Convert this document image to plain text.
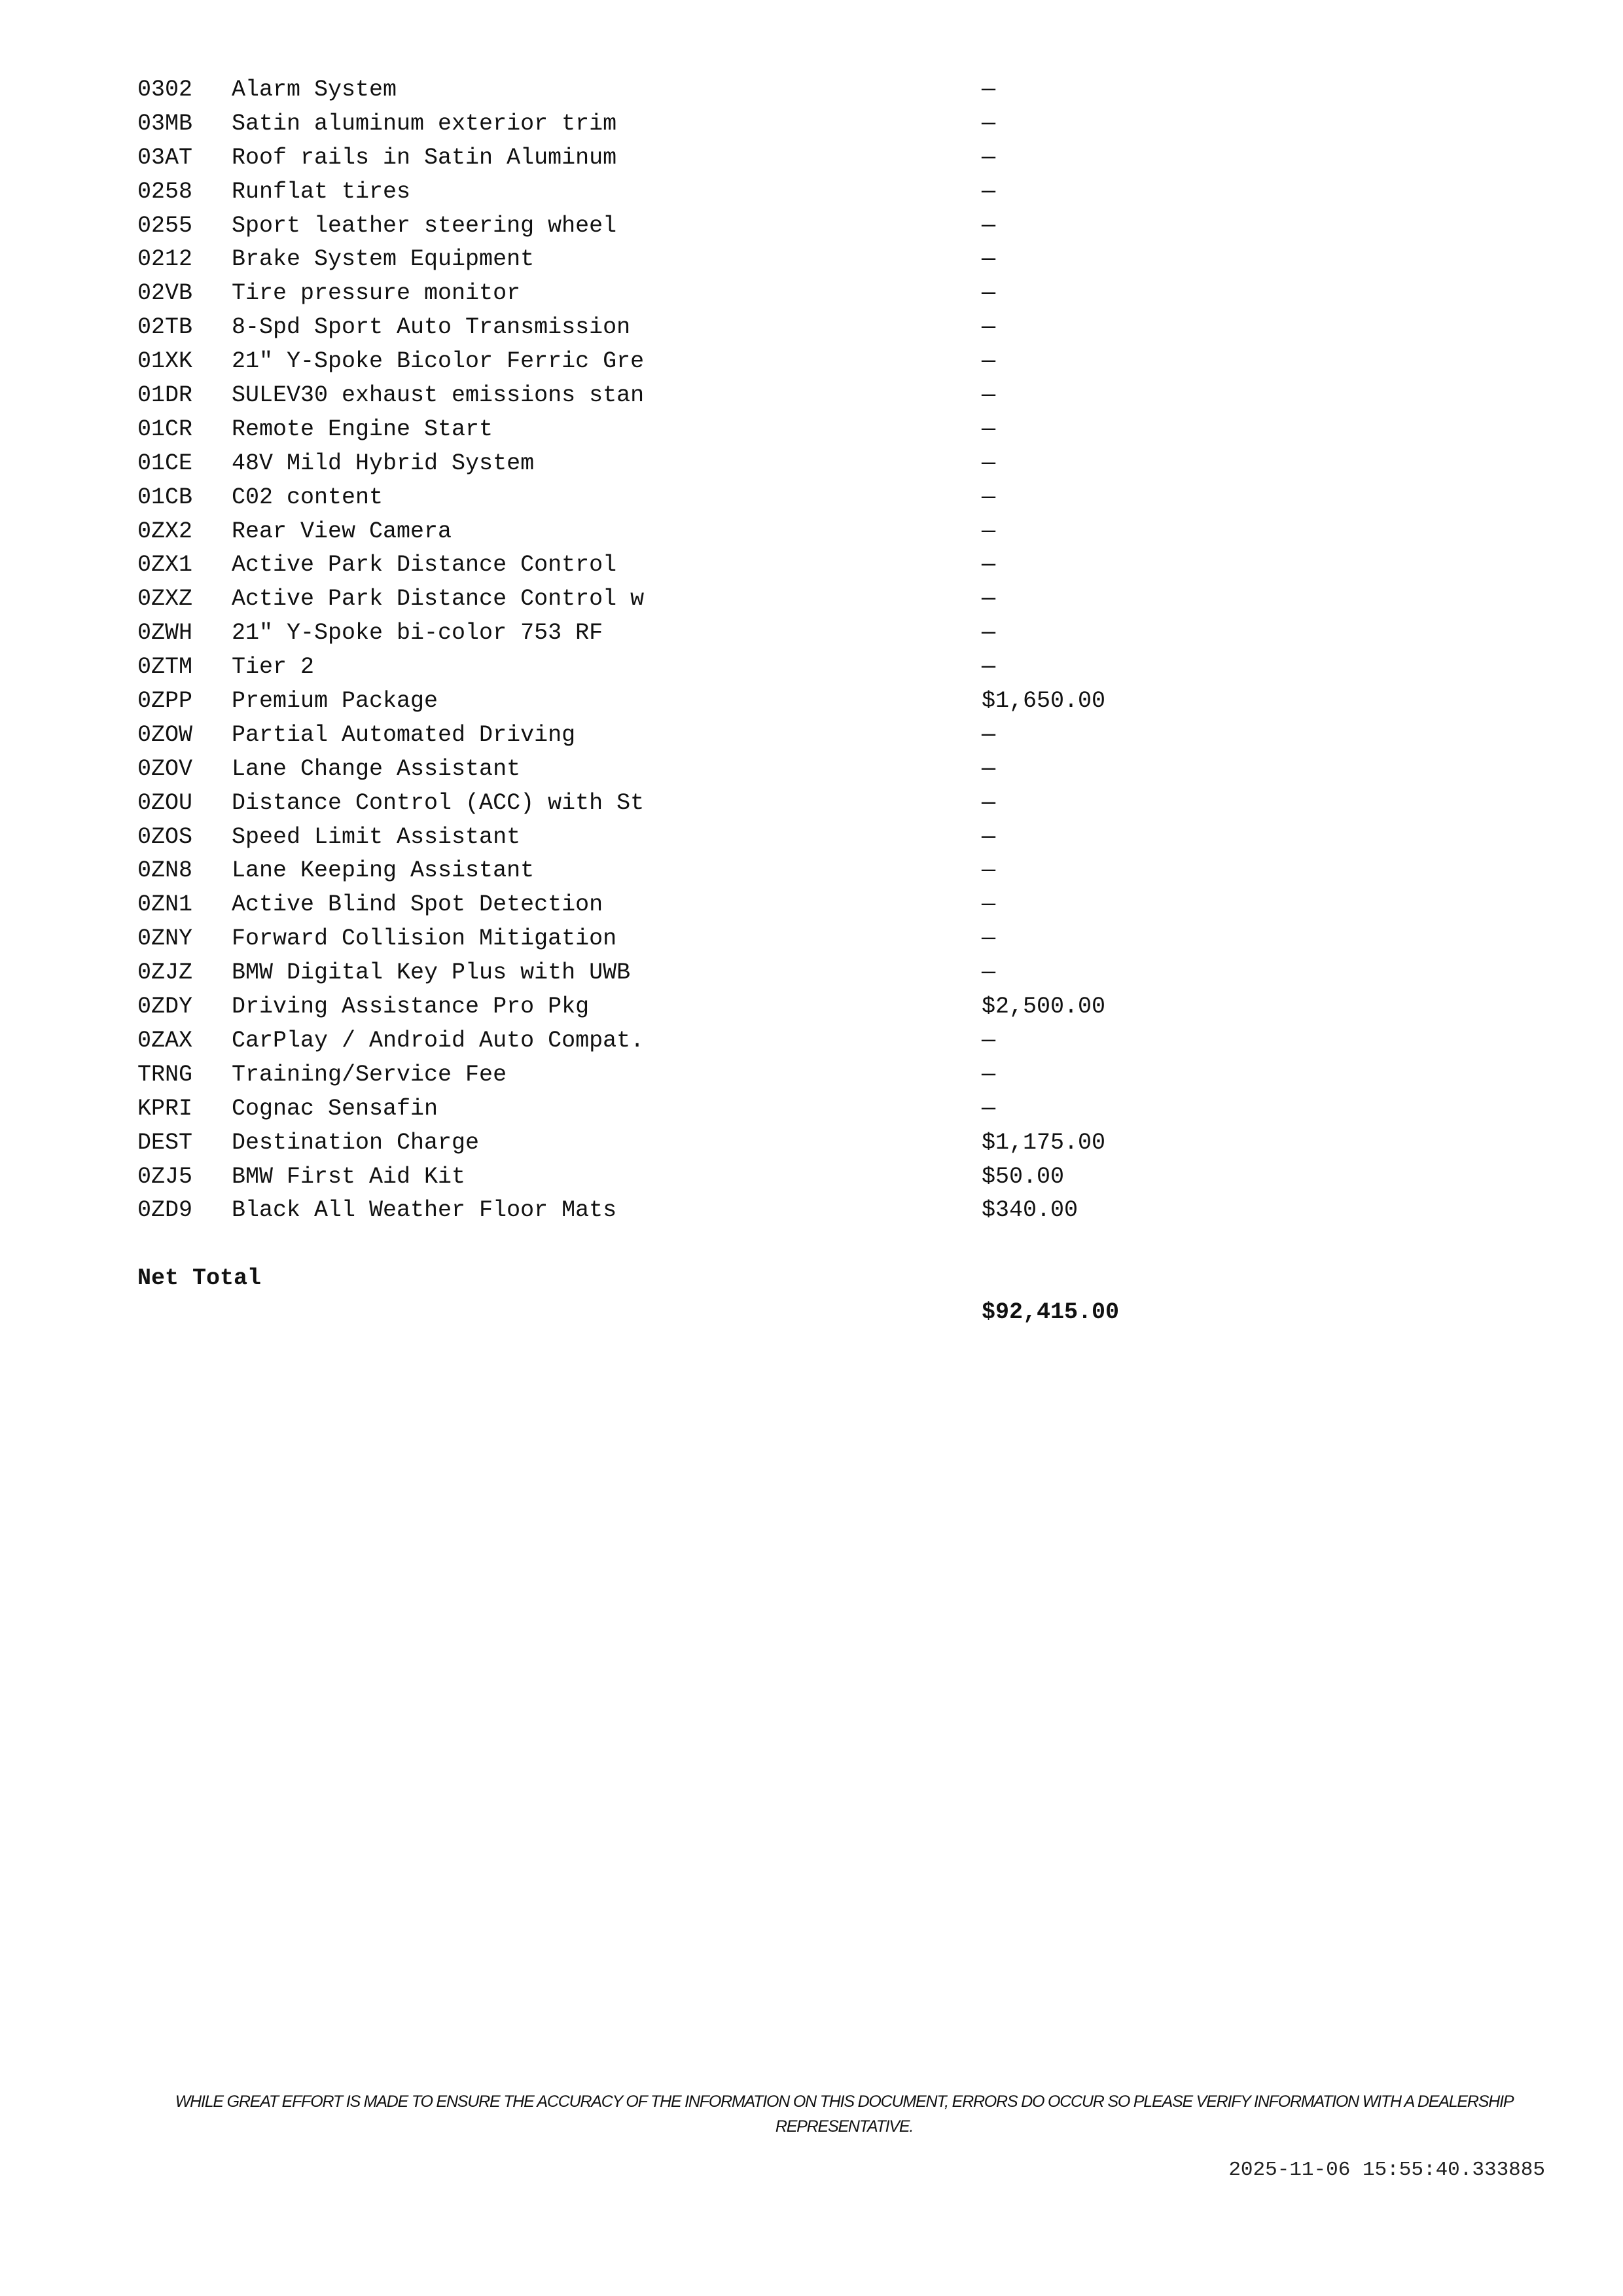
0302 Alarm System	—
03MB Satin aluminum exterior trim	—
03AT Roof rails in Satin Aluminum	—
0258 Runflat tires	—
0255 Sport leather steering wheel	—
0212 Brake System Equipment	—
02VB Tire pressure monitor	—
02TB 8-Spd Sport Auto Transmission	—
01XK 21" Y-Spoke Bicolor Ferric Gre	—
01DR SULEV30 exhaust emissions stan	—
01CR Remote Engine Start	—
01CE 48V Mild Hybrid System	—
01CB C02 content	—
0ZX2 Rear View Camera	—
0ZX1 Active Park Distance Control	—
0ZXZ Active Park Distance Control w	—
0ZWH 21" Y-Spoke bi-color 753 RF	—
0ZTM Tier 2	—
0ZPP Premium Package	$1,650.00
0ZOW Partial Automated Driving	—
0ZOV Lane Change Assistant	—
0ZOU Distance Control (ACC) with St	—
0ZOS Speed Limit Assistant	—
0ZN8 Lane Keeping Assistant	—
0ZN1 Active Blind Spot Detection	—
0ZNY Forward Collision Mitigation	—
0ZJZ BMW Digital Key Plus with UWB	—
0ZDY Driving Assistance Pro Pkg	$2,500.00
0ZAX CarPlay / Android Auto Compat.	—
TRNG Training/Service Fee	—
KPRI Cognac Sensafin	—
DEST Destination Charge	$1,175.00
0ZJ5 BMW First Aid Kit	$50.00
0ZD9 Black All Weather Floor Mats	$340.00

Net Total

$92,415.00

WHILE GREAT EFFORT IS MADE TO ENSURE THE ACCURACY OF THE INFORMATION ON THIS DOCUMENT, ERRORS DO OCCUR SO PLEASE VERIFY INFORMATION WITH A DEALERSHIP REPRESENTATIVE.
2025-11-06 15:55:40.333885
